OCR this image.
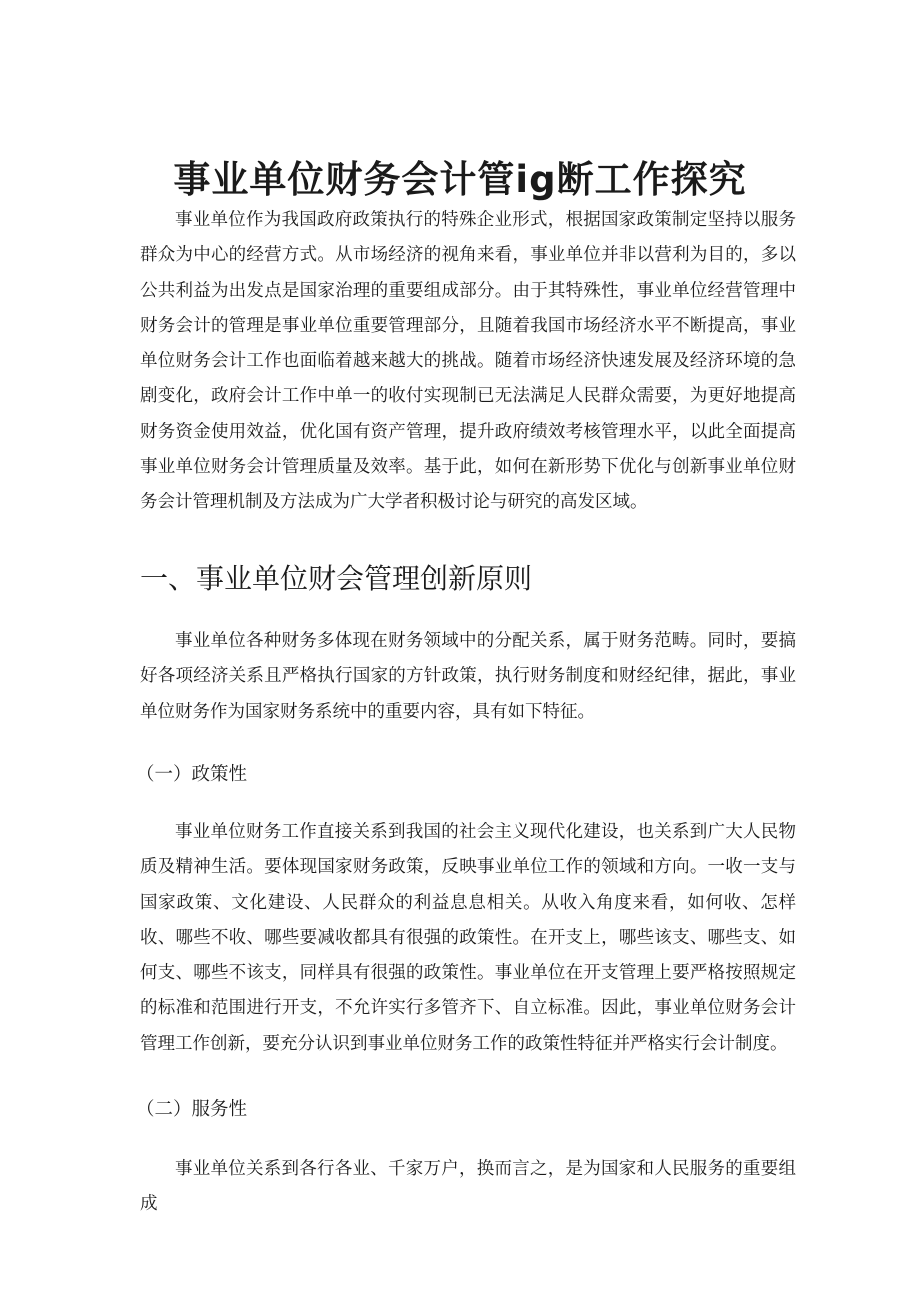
事业单位财务会计管ig断工作探究

事业单位作为我国政府政策执行的特殊企业形式，根据国家政策制定坚持以服务群众为中心的经营方式。从市场经济的视角来看，事业单位并非以营利为目的，多以公共利益为出发点是国家治理的重要组成部分。由于其特殊性，事业单位经营管理中财务会计的管理是事业单位重要管理部分，且随着我国市场经济水平不断提高，事业单位财务会计工作也面临着越来越大的挑战。随着市场经济快速发展及经济环境的急剧变化，政府会计工作中单一的收付实现制已无法满足人民群众需要，为更好地提高财务资金使用效益，优化国有资产管理，提升政府绩效考核管理水平，以此全面提高事业单位财务会计管理质量及效率。基于此，如何在新形势下优化与创新事业单位财务会计管理机制及方法成为广大学者积极讨论与研究的高发区域。

一、事业单位财会管理创新原则

事业单位各种财务多体现在财务领域中的分配关系，属于财务范畴。同时，要搞好各项经济关系且严格执行国家的方针政策，执行财务制度和财经纪律，据此，事业单位财务作为国家财务系统中的重要内容，具有如下特征。

（一）政策性

事业单位财务工作直接关系到我国的社会主义现代化建设，也关系到广大人民物质及精神生活。要体现国家财务政策，反映事业单位工作的领域和方向。一收一支与国家政策、文化建设、人民群众的利益息息相关。从收入角度来看，如何收、怎样收、哪些不收、哪些要减收都具有很强的政策性。在开支上，哪些该支、哪些支、如何支、哪些不该支，同样具有很强的政策性。事业单位在开支管理上要严格按照规定的标准和范围进行开支，不允许实行多管齐下、自立标准。因此，事业单位财务会计管理工作创新，要充分认识到事业单位财务工作的政策性特征并严格实行会计制度。

（二）服务性

事业单位关系到各行各业、千家万户，换而言之，是为国家和人民服务的重要组成
